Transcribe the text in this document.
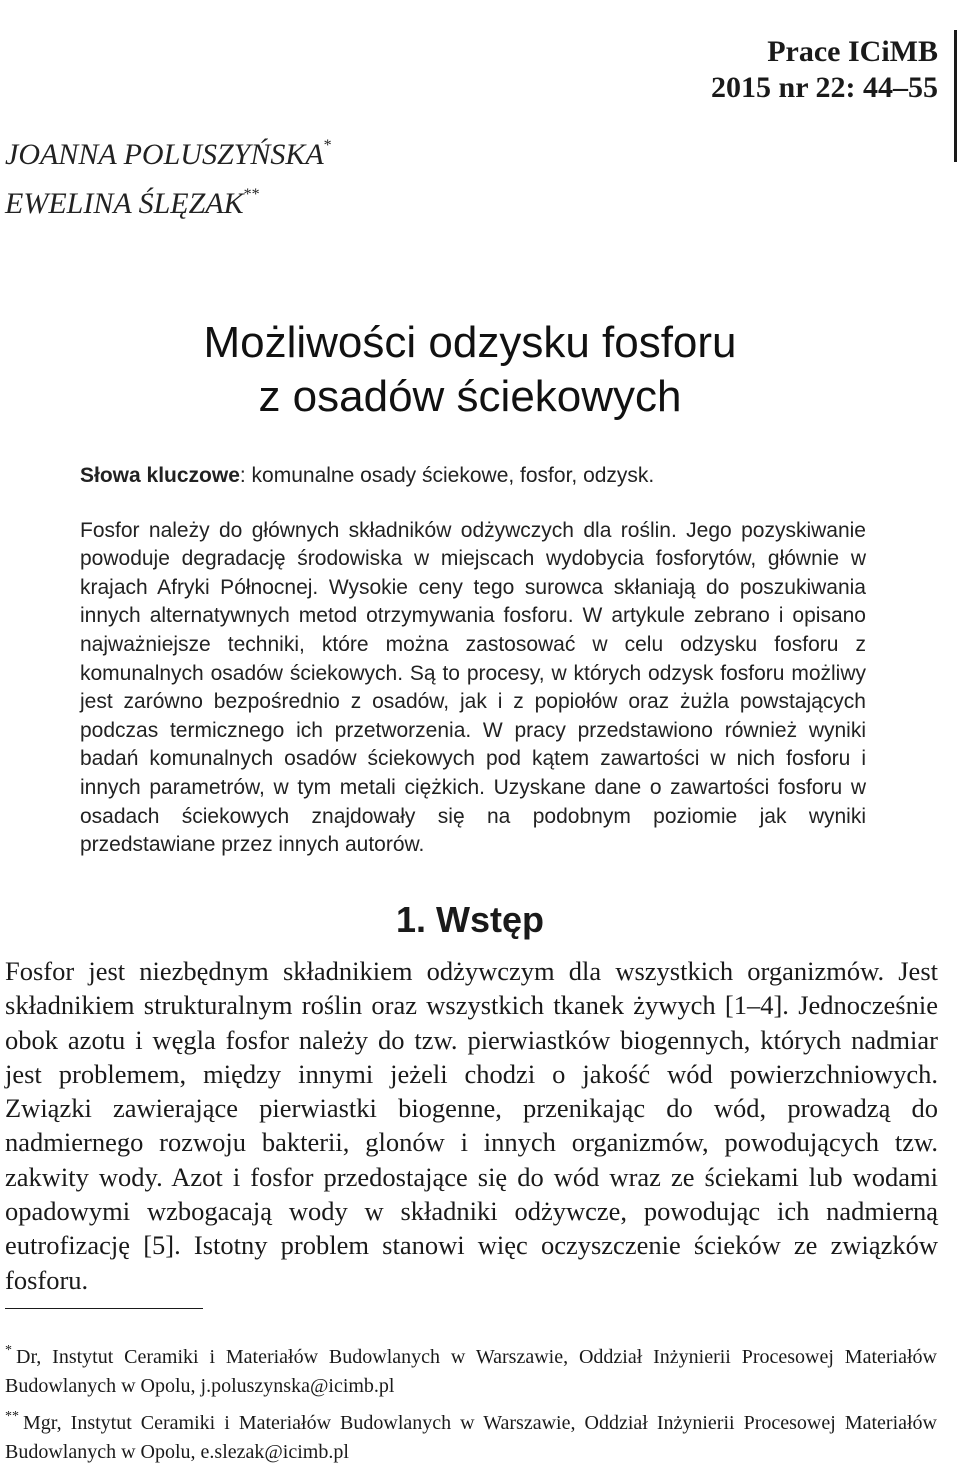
Prace ICiMB
2015 nr 22: 44–55
JOANNA POLUSZYŃSKA*
EWELINA ŚLĘZAK**
Możliwości odzysku fosforu
z osadów ściekowych

Słowa kluczowe: komunalne osady ściekowe, fosfor, odzysk.

Fosfor należy do głównych składników odżywczych dla roślin. Jego pozyskiwanie powoduje degradację środowiska w miejscach wydobycia fosforytów, głównie w krajach Afryki Północnej. Wysokie ceny tego surowca skłaniają do poszukiwania innych alternatywnych metod otrzymywania fosforu. W artykule zebrano i opisano najważniejsze techniki, które można zastosować w celu odzysku fosforu z komunalnych osadów ściekowych. Są to procesy, w których odzysk fosforu możliwy jest zarówno bezpośrednio z osadów, jak i z popiołów oraz żużla powstających podczas termicznego ich przetworzenia. W pracy przedstawiono również wyniki badań komunalnych osadów ściekowych pod kątem zawartości w nich fosforu i innych parametrów, w tym metali ciężkich. Uzyskane dane o zawartości fosforu w osadach ściekowych znajdowały się na podobnym poziomie jak wyniki przedstawiane przez innych autorów.

1. Wstęp

Fosfor jest niezbędnym składnikiem odżywczym dla wszystkich organizmów. Jest składnikiem strukturalnym roślin oraz wszystkich tkanek żywych [1–4]. Jednocześnie obok azotu i węgla fosfor należy do tzw. pierwiastków biogennych, których nadmiar jest problemem, między innymi jeżeli chodzi o jakość wód powierzchniowych. Związki zawierające pierwiastki biogenne, przenikając do wód, prowadzą do nadmiernego rozwoju bakterii, glonów i innych organizmów, powodujących tzw. zakwity wody. Azot i fosfor przedostające się do wód wraz ze ściekami lub wodami opadowymi wzbogacają wody w składniki odżywcze, powodując ich nadmierną eutrofizację [5]. Istotny problem stanowi więc oczyszczenie ścieków ze związków fosforu.

* Dr, Instytut Ceramiki i Materiałów Budowlanych w Warszawie, Oddział Inżynierii Procesowej Materiałów Budowlanych w Opolu, j.poluszynska@icimb.pl

** Mgr, Instytut Ceramiki i Materiałów Budowlanych w Warszawie, Oddział Inżynierii Procesowej Materiałów Budowlanych w Opolu, e.slezak@icimb.pl
